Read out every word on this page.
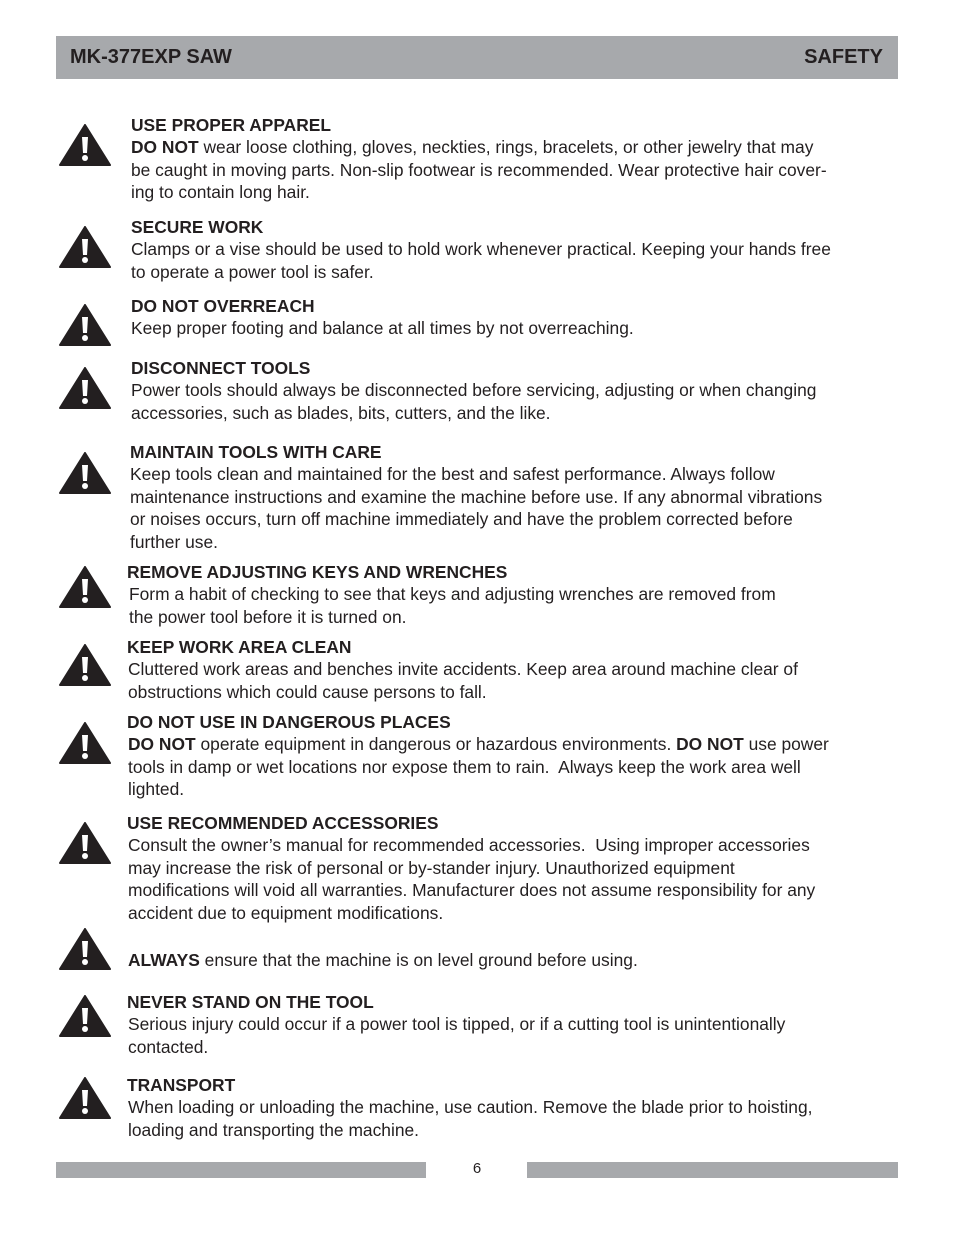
MK-377EXP SAW	SAFETY
USE PROPER APPAREL
DO NOT wear loose clothing, gloves, neckties, rings, bracelets, or other jewelry that may
be caught in moving parts. Non-slip footwear is recommended. Wear protective hair cover-
ing to contain long hair.
SECURE WORK
Clamps or a vise should be used to hold work whenever practical. Keeping your hands free
to operate a power tool is safer.
DO NOT OVERREACH
Keep proper footing and balance at all times by not overreaching.
DISCONNECT TOOLS
Power tools should always be disconnected before servicing, adjusting or when changing
accessories, such as blades, bits, cutters, and the like.
MAINTAIN TOOLS WITH CARE
Keep tools clean and maintained for the best and safest performance. Always follow
maintenance instructions and examine the machine before use. If any abnormal vibrations
or noises occurs, turn off machine immediately and have the problem corrected before
further use.
REMOVE ADJUSTING KEYS AND WRENCHES
Form a habit of checking to see that keys and adjusting wrenches are removed from
the power tool before it is turned on.
KEEP WORK AREA CLEAN
Cluttered work areas and benches invite accidents. Keep area around machine clear of
obstructions which could cause persons to fall.
DO NOT USE IN DANGEROUS PLACES
DO NOT operate equipment in dangerous or hazardous environments. DO NOT use power
tools in damp or wet locations nor expose them to rain.  Always keep the work area well
lighted.
USE RECOMMENDED ACCESSORIES
Consult the owner’s manual for recommended accessories.  Using improper accessories
may increase the risk of personal or by-stander injury. Unauthorized equipment
modifications will void all warranties. Manufacturer does not assume responsibility for any
accident due to equipment modifications.
ALWAYS ensure that the machine is on level ground before using.
NEVER STAND ON THE TOOL
Serious injury could occur if a power tool is tipped, or if a cutting tool is unintentionally
contacted.
TRANSPORT
When loading or unloading the machine, use caution. Remove the blade prior to hoisting,
loading and transporting the machine.
6
